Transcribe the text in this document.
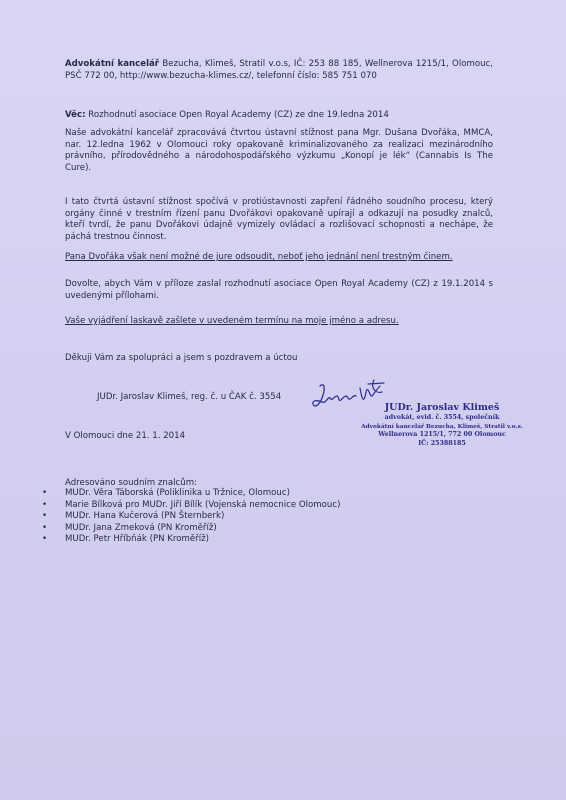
Advokátní kancelář Bezucha, Klimeš, Stratil v.o.s, IČ: 253 88 185, Wellnerova 1215/1, Olomouc, PSČ 772 00, http://www.bezucha-klimes.cz/, telefonní číslo: 585 751 070
Věc: Rozhodnutí asociace Open Royal Academy (CZ) ze dne 19.ledna 2014
Naše advokátní kancelář zpracovává čtvrtou ústavní stížnost pana Mgr. Dušana Dvořáka, MMCA, nar. 12.ledna 1962 v Olomouci roky opakovaně kriminalizovaného za realizaci mezinárodního právního, přírodovědného a národohospodářského výzkumu „Konopí je lék“ (Cannabis Is The Cure).
I tato čtvrtá ústavní stížnost spočívá v protiústavnosti zapření řádného soudního procesu, který orgány činné v trestním řízení panu Dvořákovi opakovaně upírají a odkazují na posudky znalců, kteří tvrdí, že panu Dvořákovi údajně vymizely ovládací a rozlišovací schopnosti a nechápe, že páchá trestnou činnost.
Pana Dvořáka však není možné de jure odsoudit, neboť jeho jednání není trestným činem.
Dovolte, abych Vám v příloze zaslal rozhodnutí asociace Open Royal Academy (CZ) z 19.1.2014 s uvedenými přílohami.
Vaše vyjádření laskavě zašlete v uvedeném termínu na moje jméno a adresu.
Děkuji Vám za spolupráci a jsem s pozdravem a úctou
JUDr. Jaroslav Klimeš, reg. č. u ČAK č. 3554
V Olomouci dne 21. 1. 2014
JUDr. Jaroslav Klimeš
advokát, evid. č. 3554, společník
Advokátní kancelář Bezucha, Klimeš, Stratil v.o.s.
Wellnerova 1215/1, 772 00 Olomouc
IČ: 25388185
Adresováno soudním znalcům:
• MUDr. Věra Táborská (Poliklinika u Tržnice, Olomouc)
• Marie Bílková pro MUDr. Jiří Bílík (Vojenská nemocnice Olomouc)
• MUDr. Hana Kučerová (PN Šternberk)
• MUDr. Jana Zmeková (PN Kroměříž)
• MUDr. Petr Hříbňák (PN Kroměříž)
